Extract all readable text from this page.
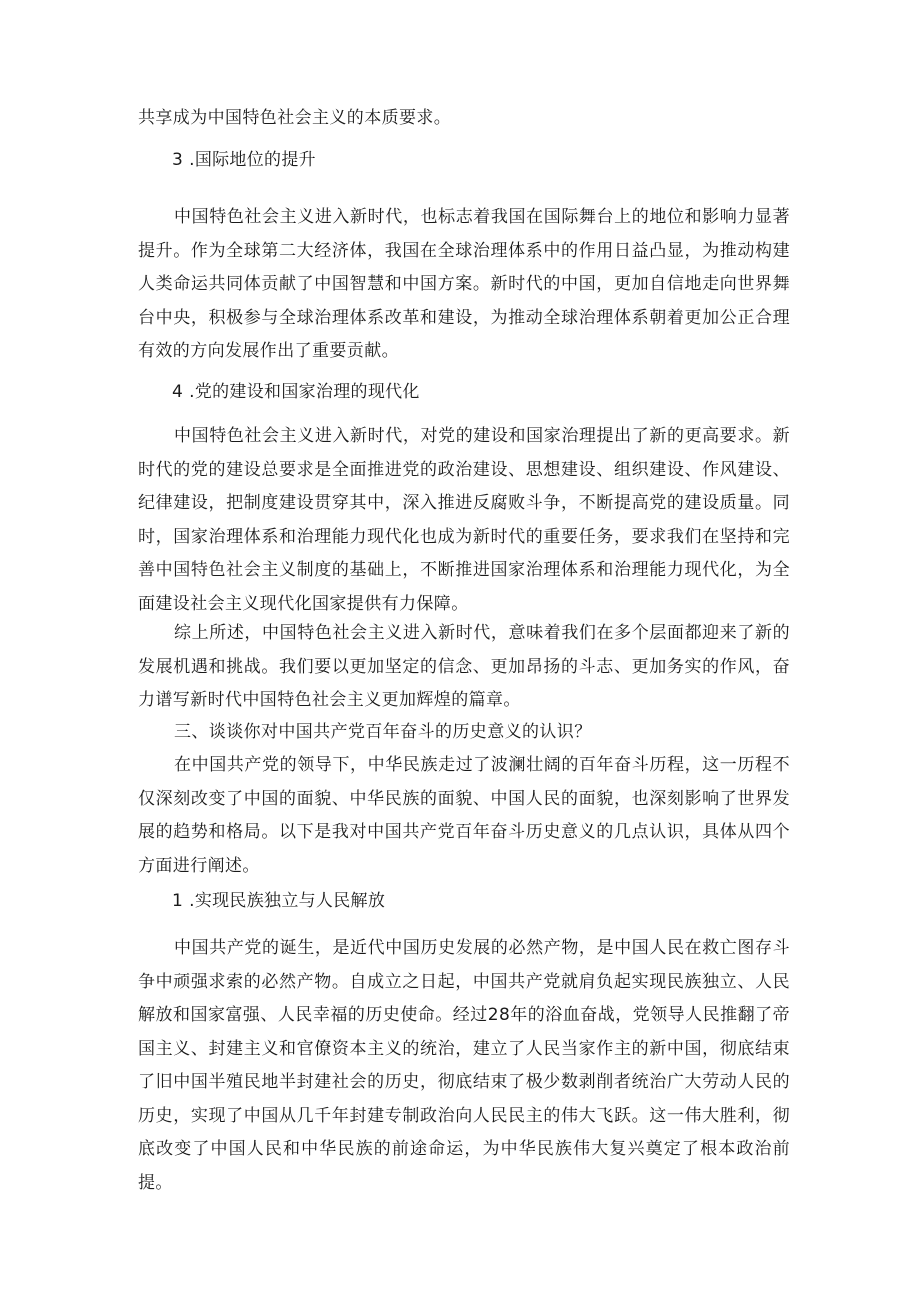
共享成为中国特色社会主义的本质要求。

3 .国际地位的提升

中国特色社会主义进入新时代，也标志着我国在国际舞台上的地位和影响力显著提升。作为全球第二大经济体，我国在全球治理体系中的作用日益凸显，为推动构建人类命运共同体贡献了中国智慧和中国方案。新时代的中国，更加自信地走向世界舞台中央，积极参与全球治理体系改革和建设，为推动全球治理体系朝着更加公正合理有效的方向发展作出了重要贡献。

4 .党的建设和国家治理的现代化

中国特色社会主义进入新时代，对党的建设和国家治理提出了新的更高要求。新时代的党的建设总要求是全面推进党的政治建设、思想建设、组织建设、作风建设、纪律建设，把制度建设贯穿其中，深入推进反腐败斗争，不断提高党的建设质量。同时，国家治理体系和治理能力现代化也成为新时代的重要任务，要求我们在坚持和完善中国特色社会主义制度的基础上，不断推进国家治理体系和治理能力现代化，为全面建设社会主义现代化国家提供有力保障。

综上所述，中国特色社会主义进入新时代，意味着我们在多个层面都迎来了新的发展机遇和挑战。我们要以更加坚定的信念、更加昂扬的斗志、更加务实的作风，奋力谱写新时代中国特色社会主义更加辉煌的篇章。

三、谈谈你对中国共产党百年奋斗的历史意义的认识？

在中国共产党的领导下，中华民族走过了波澜壮阔的百年奋斗历程，这一历程不仅深刻改变了中国的面貌、中华民族的面貌、中国人民的面貌，也深刻影响了世界发展的趋势和格局。以下是我对中国共产党百年奋斗历史意义的几点认识，具体从四个方面进行阐述。

1 .实现民族独立与人民解放

中国共产党的诞生，是近代中国历史发展的必然产物，是中国人民在救亡图存斗争中顽强求索的必然产物。自成立之日起，中国共产党就肩负起实现民族独立、人民解放和国家富强、人民幸福的历史使命。经过28年的浴血奋战，党领导人民推翻了帝国主义、封建主义和官僚资本主义的统治，建立了人民当家作主的新中国，彻底结束了旧中国半殖民地半封建社会的历史，彻底结束了极少数剥削者统治广大劳动人民的历史，实现了中国从几千年封建专制政治向人民民主的伟大飞跃。这一伟大胜利，彻底改变了中国人民和中华民族的前途命运，为中华民族伟大复兴奠定了根本政治前提。
